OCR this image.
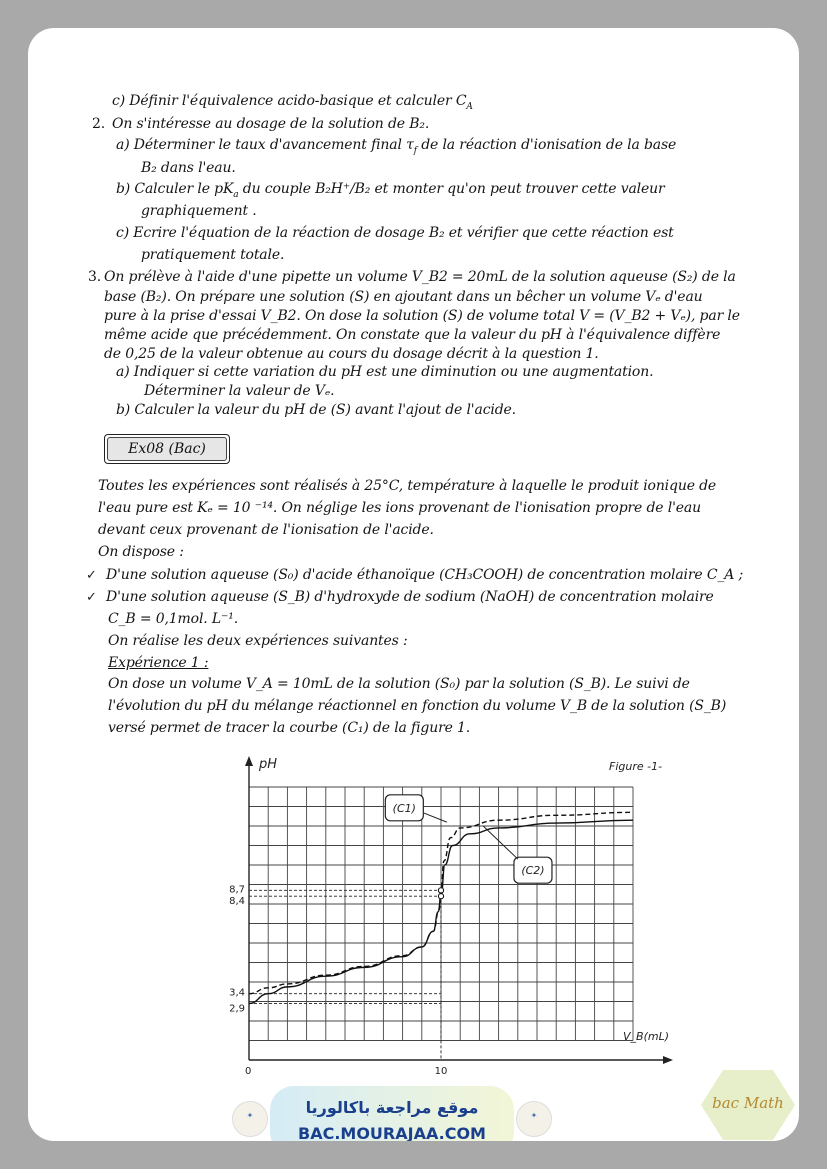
c) Définir l'équivalence acido-basique et calculer $C_A$
2. On s'intéresse au dosage de la solution de B₂.
a) Déterminer le taux d'avancement final $\tau_f$ de la réaction d'ionisation de la base
B₂ dans l'eau.
b) Calculer le $pK_a$ du couple B₂H⁺/B₂ et monter qu'on peut trouver cette valeur
graphiquement .
c) Ecrire l'équation de la réaction de dosage B₂ et vérifier que cette réaction est
pratiquement totale.
3. On prélève à l'aide d'une pipette un volume V_B2 = 20mL de la solution aqueuse (S₂) de la
base (B₂). On prépare une solution (S) en ajoutant dans un bêcher un volume Vₑ d'eau
pure à la prise d'essai V_B2. On dose la solution (S) de volume total V = (V_B2 + Vₑ), par le
même acide que précédemment. On constate que la valeur du pH à l'équivalence diffère
de 0,25 de la valeur obtenue au cours du dosage décrit à la question 1.
a) Indiquer si cette variation du pH est une diminution ou une augmentation.
Déterminer la valeur de Vₑ.
b) Calculer la valeur du pH de (S) avant l'ajout de l'acide.
Ex08 (Bac)
Toutes les expériences sont réalisés à 25°C, température à laquelle le produit ionique de
l'eau pure est Kₑ = 10 ⁻¹⁴. On néglige les ions provenant de l'ionisation propre de l'eau
devant ceux provenant de l'ionisation de l'acide.
On dispose :
✓ D'une solution aqueuse (S₀) d'acide éthanoïque (CH₃COOH) de concentration molaire C_A ;
✓ D'une solution aqueuse (S_B) d'hydroxyde de sodium (NaOH) de concentration molaire
C_B = 0,1mol. L⁻¹.
On réalise les deux expériences suivantes :
Expérience 1 :
On dose un volume V_A = 10mL de la solution (S₀) par la solution (S_B). Le suivi de
l'évolution du pH du mélange réactionnel en fonction du volume V_B de la solution (S_B)
versé permet de tracer la courbe (C₁) de la figure 1.
pH
V_B(mL)
Figure -1-
0	10
2,9
3,4
8,4
8,7
(C1)
(C2)
✦	موقع مراجعة باكالوريا
BAC.MOURAJAA.COM
✦
bac Math
